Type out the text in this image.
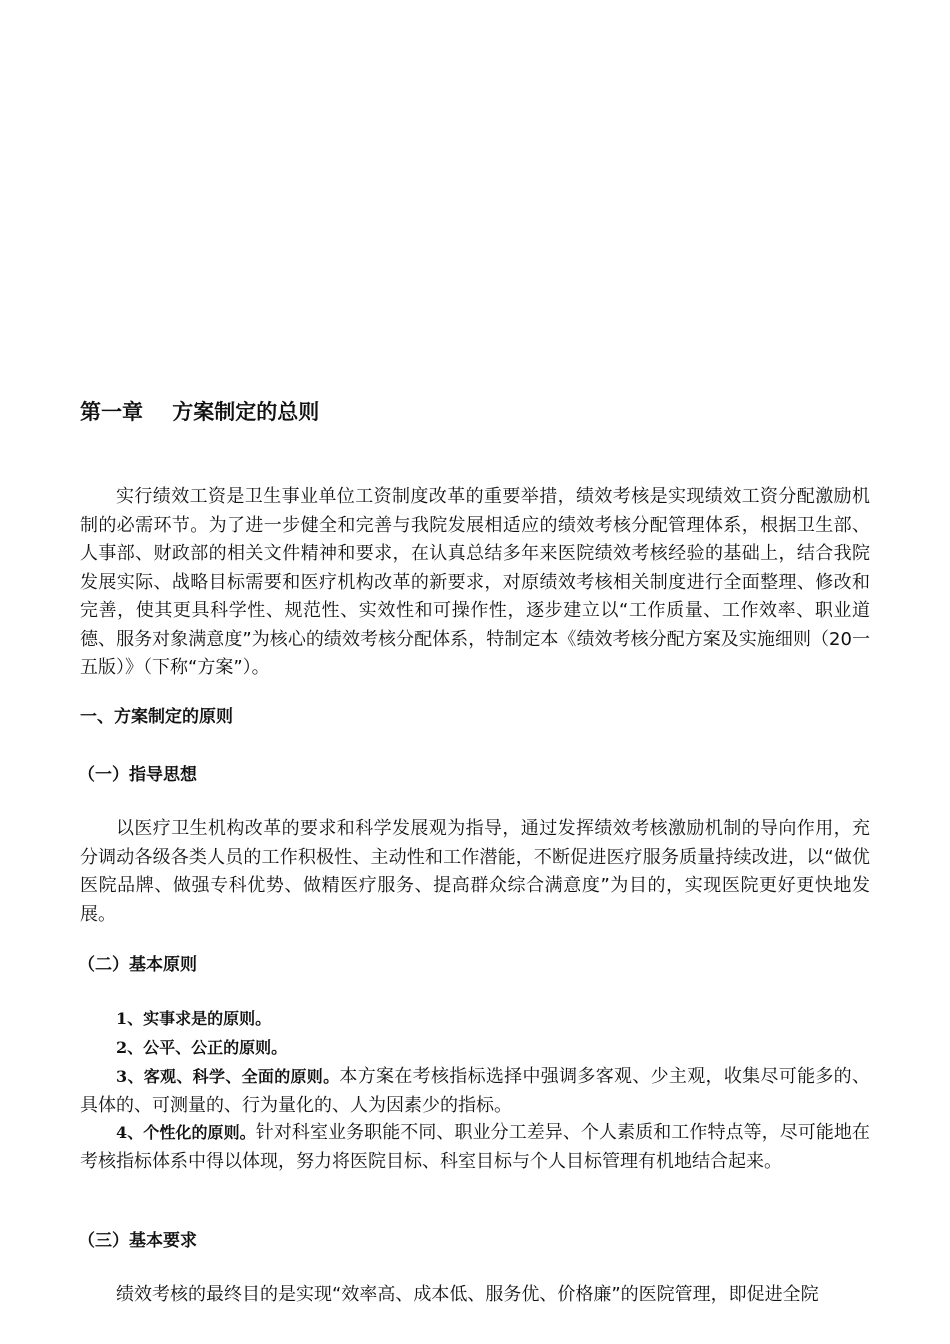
第一章    方案制定的总则

实行绩效工资是卫生事业单位工资制度改革的重要举措，绩效考核是实现绩效工资分配激励机制的必需环节。为了进一步健全和完善与我院发展相适应的绩效考核分配管理体系，根据卫生部、人事部、财政部的相关文件精神和要求，在认真总结多年来医院绩效考核经验的基础上，结合我院发展实际、战略目标需要和医疗机构改革的新要求，对原绩效考核相关制度进行全面整理、修改和完善，使其更具科学性、规范性、实效性和可操作性，逐步建立以“工作质量、工作效率、职业道德、服务对象满意度”为核心的绩效考核分配体系，特制定本《绩效考核分配方案及实施细则（20一五版）》（下称“方案”）。

一、方案制定的原则
（一）指导思想

以医疗卫生机构改革的要求和科学发展观为指导，通过发挥绩效考核激励机制的导向作用，充分调动各级各类人员的工作积极性、主动性和工作潜能，不断促进医疗服务质量持续改进，以“做优医院品牌、做强专科优势、做精医疗服务、提高群众综合满意度”为目的，实现医院更好更快地发展。

（二）基本原则

1、实事求是的原则。

2、公平、公正的原则。

3、客观、科学、全面的原则。本方案在考核指标选择中强调多客观、少主观，收集尽可能多的、具体的、可测量的、行为量化的、人为因素少的指标。

4、个性化的原则。针对科室业务职能不同、职业分工差异、个人素质和工作特点等，尽可能地在考核指标体系中得以体现，努力将医院目标、科室目标与个人目标管理有机地结合起来。

（三）基本要求

绩效考核的最终目的是实现“效率高、成本低、服务优、价格廉”的医院管理，即促进全院
